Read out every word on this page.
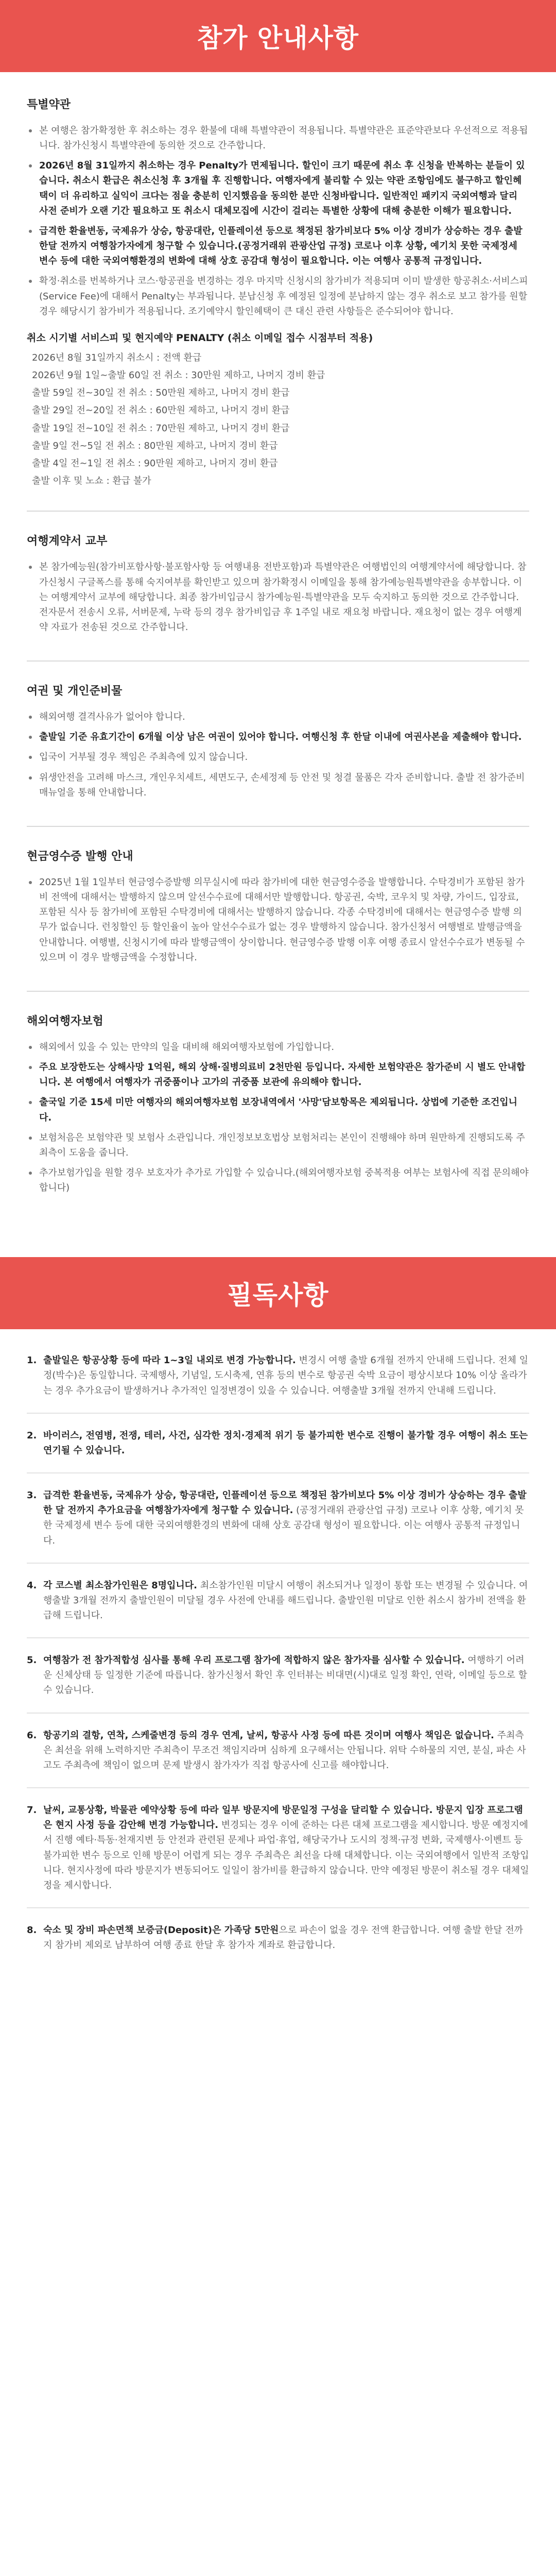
참가 안내사항
특별약관
본 여행은 참가확정한 후 취소하는 경우 환불에 대해 특별약관이 적용됩니다. 특별약관은 표준약관보다 우선적으로 적용됩니다. 참가신청시 특별약관에 동의한 것으로 간주합니다.
2026년 8월 31일까지 취소하는 경우 Penalty가 면제됩니다. 할인이 크기 때문에 취소 후 신청을 반복하는 분들이 있습니다. 취소시 환급은 취소신청 후 3개월 후 진행합니다. 여행자에게 불리할 수 있는 약관 조항임에도 불구하고 할인혜택이 더 유리하고 실익이 크다는 점을 충분히 인지했음을 동의한 분만 신청바랍니다. 일반적인 패키지 국외여행과 달리 사전 준비가 오랜 기간 필요하고 또 취소시 대체모집에 시간이 걸리는 특별한 상황에 대해 충분한 이해가 필요합니다.
급격한 환율변동, 국제유가 상승, 항공대란, 인플레이션 등으로 책정된 참가비보다 5% 이상 경비가 상승하는 경우 출발 한달 전까지 여행참가자에게 청구할 수 있습니다.(공정거래위 관광산업 규정) 코로나 이후 상황, 예기치 못한 국제정세 변수 등에 대한 국외여행환경의 변화에 대해 상호 공감대 형성이 필요합니다. 이는 여행사 공통적 규정입니다.
확정·취소를 번복하거나 코스·항공권을 변경하는 경우 마지막 신청시의 참가비가 적용되며 이미 발생한 항공취소·서비스피(Service Fee)에 대해서 Penalty는 부과됩니다. 분납신청 후 예정된 일정에 분납하지 않는 경우 취소로 보고 참가를 원할 경우 해당시기 참가비가 적용됩니다. 조기예약시 할인혜택이 큰 대신 관련 사항들은 준수되어야 합니다.
취소 시기별 서비스피 및 현지예약 PENALTY (취소 이메일 접수 시점부터 적용)
2026년 8월 31일까지 취소시 : 전액 환급
2026년 9월 1일~출발 60일 전 취소 : 30만원 제하고, 나머지 경비 환급
출발 59일 전~30일 전 취소 : 50만원 제하고, 나머지 경비 환급
출발 29일 전~20일 전 취소 : 60만원 제하고, 나머지 경비 환급
출발 19일 전~10일 전 취소 : 70만원 제하고, 나머지 경비 환급
출발 9일 전~5일 전 취소 : 80만원 제하고, 나머지 경비 환급
출발 4일 전~1일 전 취소 : 90만원 제하고, 나머지 경비 환급
출발 이후 및 노쇼 : 환급 불가
여행계약서 교부
본 참가예능원(참가비포함사항·불포함사항 등 여행내용 전반포함)과 특별약관은 여행법인의 여행계약서에 해당합니다. 참가신청시 구글폭스를 통해 숙지여부를 확인받고 있으며 참가확정시 이메일을 통해 참가예능원특별약관을 송부합니다. 이는 여행계약서 교부에 해당합니다. 최종 참가비입금시 참가예능원·특별약관을 모두 숙지하고 동의한 것으로 간주합니다. 전자문서 전송시 오류, 서버문제, 누락 등의 경우 참가비입금 후 1주일 내로 재요청 바랍니다. 재요청이 없는 경우 여행계약 자료가 전송된 것으로 간주합니다.
여권 및 개인준비물
해외여행 결격사유가 없어야 합니다.
출발일 기준 유효기간이 6개월 이상 남은 여권이 있어야 합니다. 여행신청 후 한달 이내에 여권사본을 제출해야 합니다.
입국이 거부될 경우 책임은 주최측에 있지 않습니다.
위생안전을 고려해 마스크, 개인우치세트, 세면도구, 손세정제 등 안전 및 청결 물품은 각자 준비합니다. 출발 전 참가준비 매뉴얼을 통해 안내합니다.
현금영수증 발행 안내
2025년 1월 1일부터 현금영수증발행 의무실시에 따라 참가비에 대한 현금영수증을 발행합니다. 수탁경비가 포함된 참가비 전액에 대해서는 발행하지 않으며 알선수수료에 대해서만 발행합니다. 항공권, 숙박, 코우치 및 차량, 가이드, 입장료, 포함된 식사 등 참가비에 포함된 수탁경비에 대해서는 발행하지 않습니다. 각종 수탁경비에 대해서는 현금영수증 발행 의무가 없습니다. 런칭할인 등 할인율이 높아 알선수수료가 없는 경우 발행하지 않습니다. 참가신청서 여행별로 발행금액을 안내합니다. 여행별, 신청시기에 따라 발행금액이 상이합니다. 현금영수증 발행 이후 여행 종료시 알선수수료가 변동될 수 있으며 이 경우 발행금액을 수정합니다.
해외여행자보험
해외에서 있을 수 있는 만약의 일을 대비해 해외여행자보험에 가입합니다.
주요 보장한도는 상해사망 1억원, 해외 상해·질병의료비 2천만원 등입니다. 자세한 보험약관은 참가준비 시 별도 안내합니다. 본 여행에서 여행자가 귀중품이나 고가의 귀중품 보관에 유의해야 합니다.
출국일 기준 15세 미만 여행자의 해외여행자보험 보장내역에서 '사망'담보항목은 제외됩니다. 상법에 기준한 조건입니다.
보험처음은 보험약관 및 보험사 소관입니다. 개인정보보호법상 보험처리는 본인이 진행해야 하며 원만하게 진행되도록 주최측이 도움을 줍니다.
추가보험가입을 원할 경우 보호자가 추가로 가입할 수 있습니다.(해외여행자보험 중복적용 여부는 보험사에 직접 문의해야 합니다)
필독사항
1. 출발일은 항공상황 등에 따라 1~3일 내외로 변경 가능합니다. 변경시 여행 출발 6개월 전까지 안내해 드립니다. 전체 일정(박수)은 동일합니다. 국제행사, 기념일, 도시축제, 연휴 등의 변수로 항공권 숙박 요금이 평상시보다 10% 이상 올라가는 경우 추가요금이 발생하거나 추가적인 일정변경이 있을 수 있습니다. 여행출발 3개월 전까지 안내해 드립니다.
2. 바이러스, 전염병, 전쟁, 테러, 사건, 심각한 정치·경제적 위기 등 불가피한 변수로 진행이 불가할 경우 여행이 취소 또는 연기될 수 있습니다.
3. 급격한 환율변동, 국제유가 상승, 항공대란, 인플레이션 등으로 책정된 참가비보다 5% 이상 경비가 상승하는 경우 출발 한 달 전까지 추가요금을 여행참가자에게 청구할 수 있습니다. (공정거래위 관광산업 규정) 코로나 이후 상황, 예기치 못한 국제정세 변수 등에 대한 국외여행환경의 변화에 대해 상호 공감대 형성이 필요합니다. 이는 여행사 공통적 규정입니다.
4. 각 코스별 최소참가인원은 8명입니다. 최소참가인원 미달시 여행이 취소되거나 일정이 통합 또는 변경될 수 있습니다. 여행출발 3개월 전까지 출발인원이 미달될 경우 사전에 안내를 해드립니다. 출발인원 미달로 인한 취소시 참가비 전액을 환급해 드립니다.
5. 여행참가 전 참가적합성 심사를 통해 우리 프로그램 참가에 적합하지 않은 참가자를 심사할 수 있습니다. 여행하기 어려운 신체상태 등 일정한 기준에 따릅니다. 참가신청서 확인 후 인터뷰는 비대면(시)대로 일정 확인, 연락, 이메일 등으로 할 수 있습니다.
6. 항공기의 결항, 연착, 스케줄변경 등의 경우 연계, 날씨, 항공사 사정 등에 따른 것이며 여행사 책임은 없습니다. 주최측은 최선을 위해 노력하지만 주최측이 무조건 책임지라며 심하게 요구해서는 안됩니다. 위탁 수하물의 지연, 분실, 파손 사고도 주최측에 책임이 없으며 문제 발생시 참가자가 직접 항공사에 신고를 해야합니다.
7. 날씨, 교통상황, 박물관 예약상황 등에 따라 일부 방문지에 방문일정 구성을 달리할 수 있습니다. 방문지 입장 프로그램은 현지 사정 등을 감안해 변경 가능합니다. 변경되는 경우 이에 준하는 다른 대체 프로그램을 제시합니다. 방문 예정지에서 진행 예타·특동·천재지변 등 안전과 관련된 문제나 파업·휴업, 해당국가나 도시의 정책·규정 변화, 국제행사·이벤트 등 불가피한 변수 등으로 인해 방문이 어렵게 되는 경우 주최측은 최선을 다해 대체합니다. 이는 국외여행에서 일반적 조항입니다. 현지사정에 따라 방문지가 변동되어도 일일이 참가비를 환급하지 않습니다. 만약 예정된 방문이 취소될 경우 대체일정을 제시합니다.
8. 숙소 및 장비 파손면책 보증금(Deposit)은 가족당 5만원으로 파손이 없을 경우 전액 환급합니다. 여행 출발 한달 전까지 참가비 제외로 납부하여 여행 종료 한달 후 참가자 계좌로 환급합니다.
